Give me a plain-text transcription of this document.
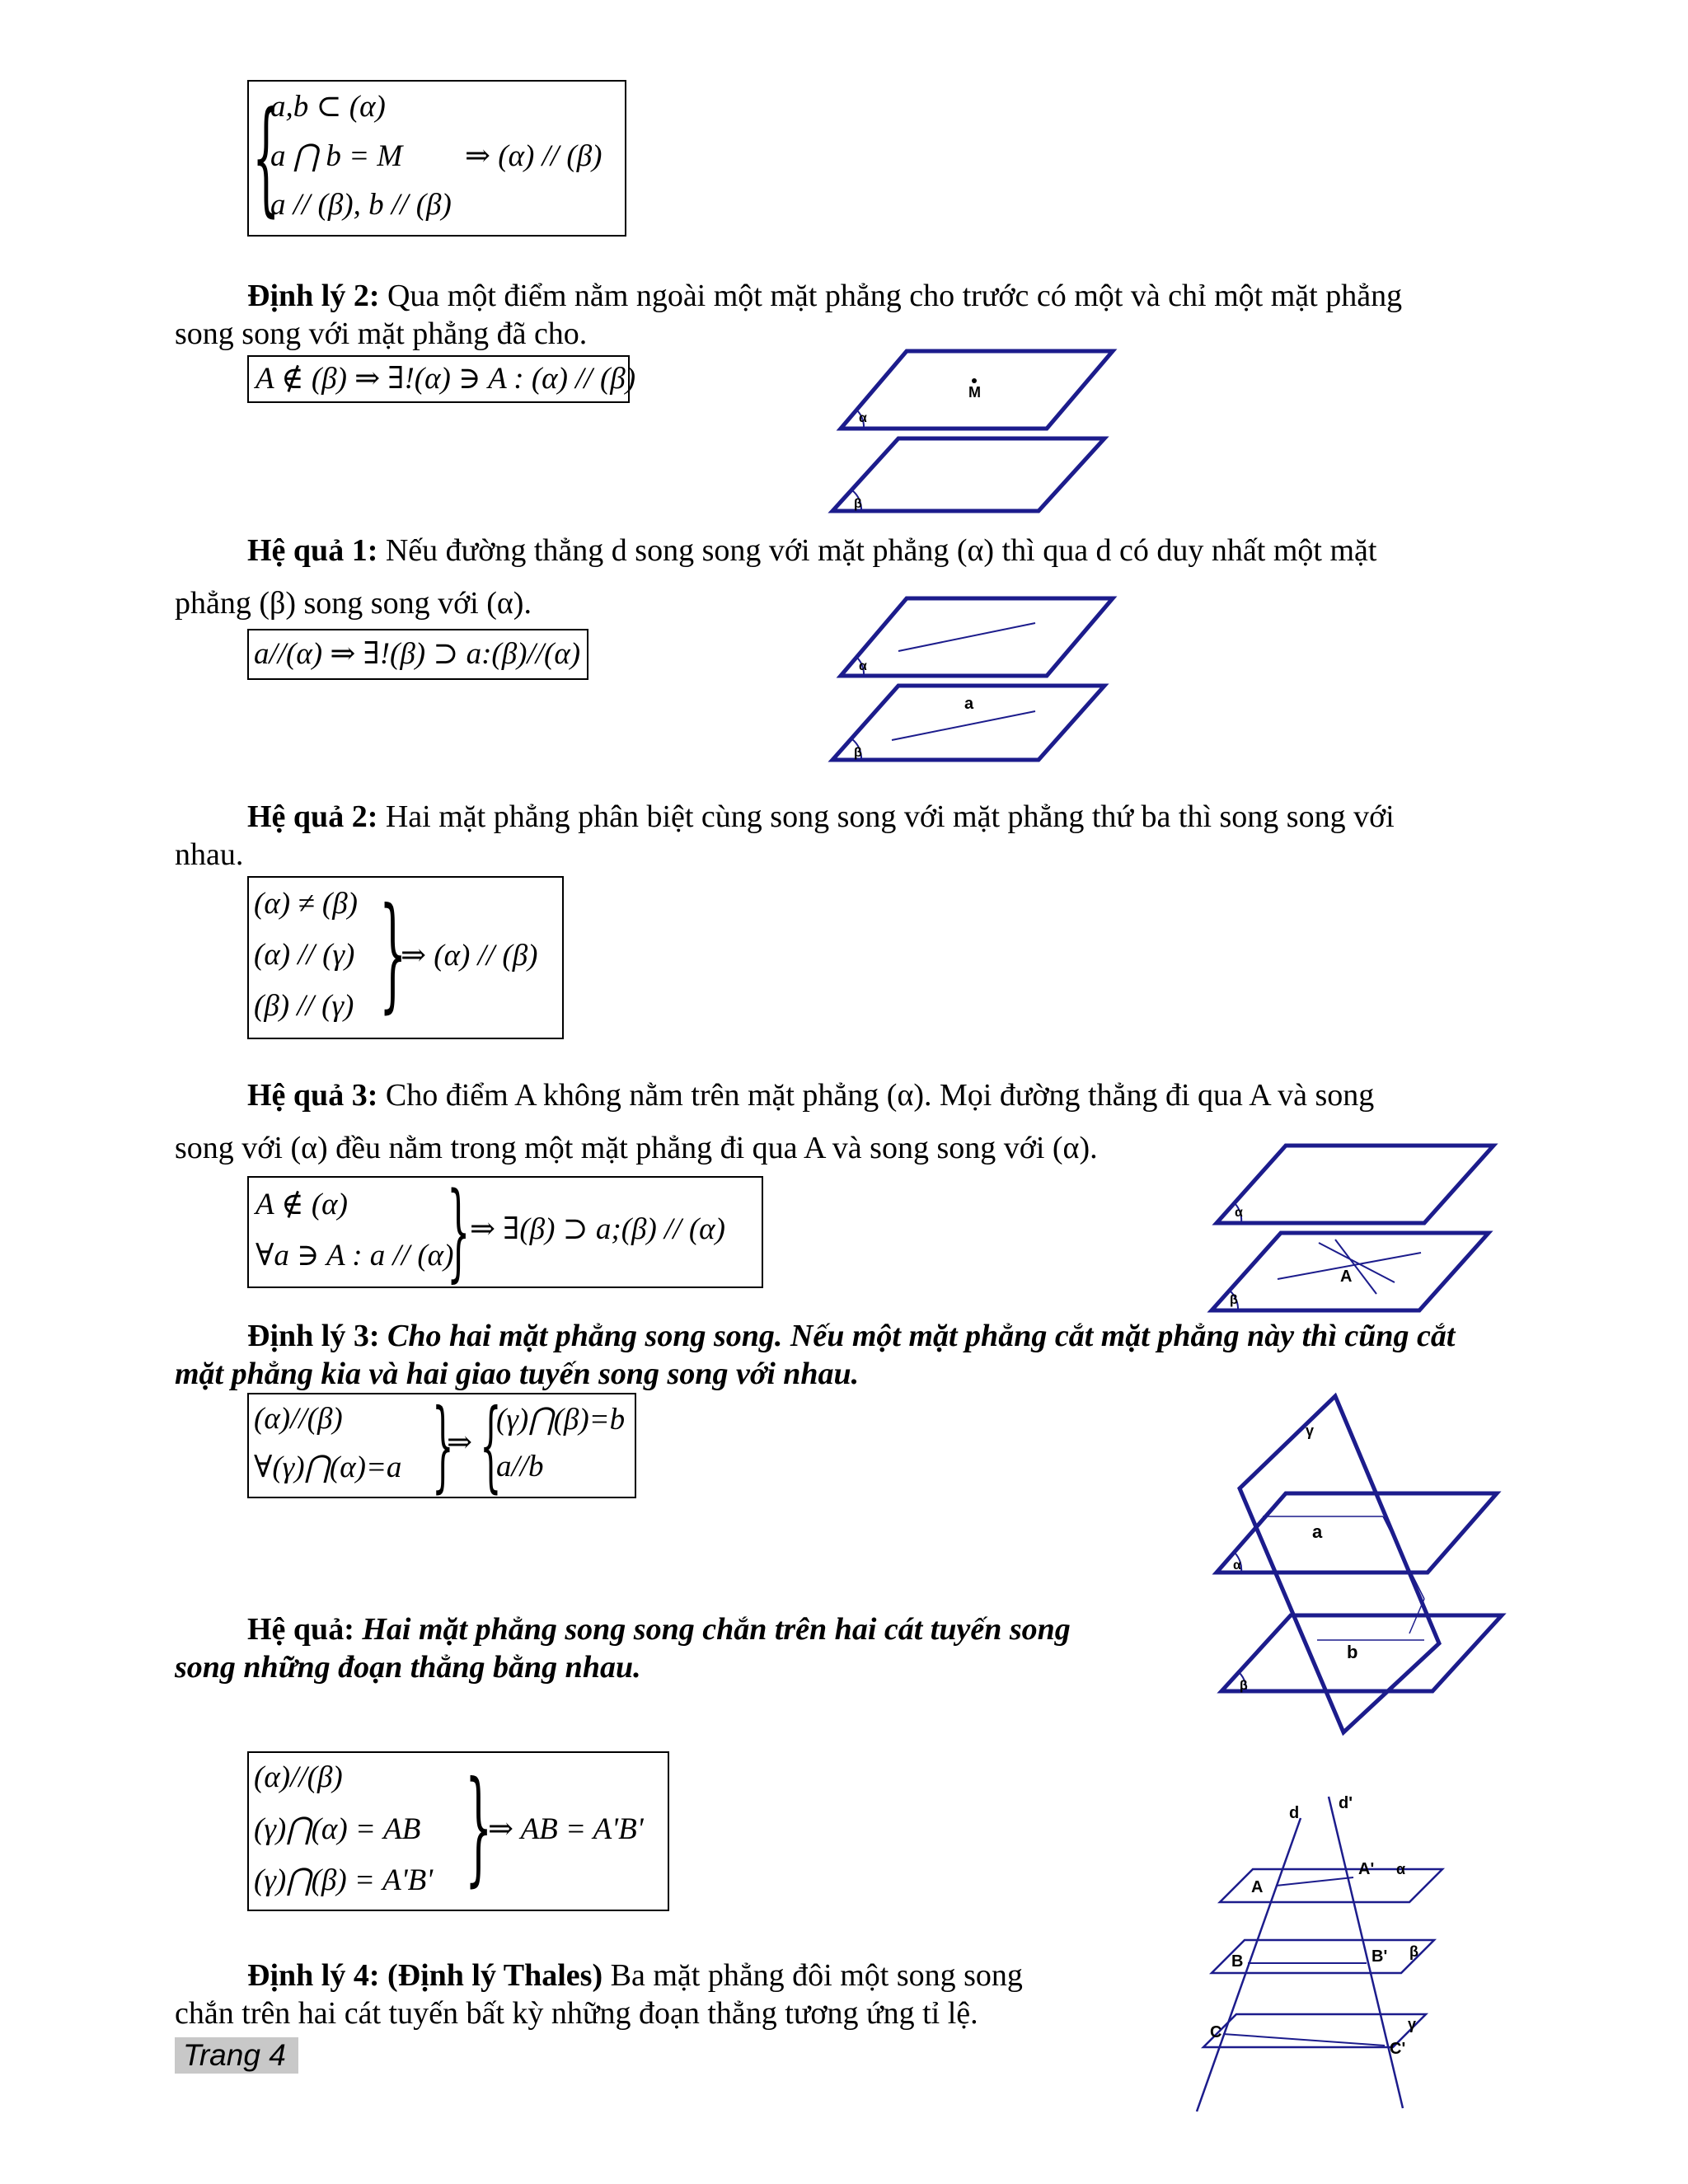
{
a,b ⊂ (α)
a ⋂ b = M
a // (β), b // (β)
⇒ (α) // (β)
Định lý 2: Qua một điểm nằm ngoài một mặt phẳng cho trước có một và chỉ một mặt phẳng
song song với mặt phẳng đã cho.
A ∉ (β) ⇒ ∃!(α) ∋ A : (α) // (β)	M
α
β
Hệ quả 1: Nếu đường thẳng d song song với mặt phẳng (α) thì qua d có duy nhất một mặt
phẳng (β) song song với (α).
a//(α) ⇒ ∃!(β) ⊃ a:(β)//(α)
a
α
β
Hệ quả 2: Hai mặt phẳng phân biệt cùng song song với mặt phẳng thứ ba thì song song với
nhau.
(α) ≠ (β)
(α) // (γ)
(β) // (γ) }
⇒ (α) // (β)
Hệ quả 3: Cho điểm A không nằm trên mặt phẳng (α). Mọi đường thẳng đi qua A và song
song với (α) đều nằm trong một mặt phẳng đi qua A và song song với (α).
A ∉ (α)
∀a ∋ A : a // (α)
} ⇒ ∃(β) ⊃ a;(β) // (α)
A
α
β
Định lý 3: Cho hai mặt phẳng song song. Nếu một mặt phẳng cắt mặt phẳng này thì cũng cắt
mặt phẳng kia và hai giao tuyến song song với nhau.
(α)//(β)
∀(γ)⋂(α)=a }
⇒ {
(γ)⋂(β)=b
a//b
γ
a
b
α
β
Hệ quả: Hai mặt phẳng song song chắn trên hai cát tuyến song
song những đoạn thẳng bằng nhau.
(α)//(β)
(γ)⋂(α) = AB
(γ)⋂(β) = A'B' }
⇒ AB = A'B'	d
d'
A
A' α
B	B' β
C
C'
γ
Định lý 4: (Định lý Thales) Ba mặt phẳng đôi một song song
chắn trên hai cát tuyến bất kỳ những đoạn thẳng tương ứng tỉ lệ.
Trang 4
